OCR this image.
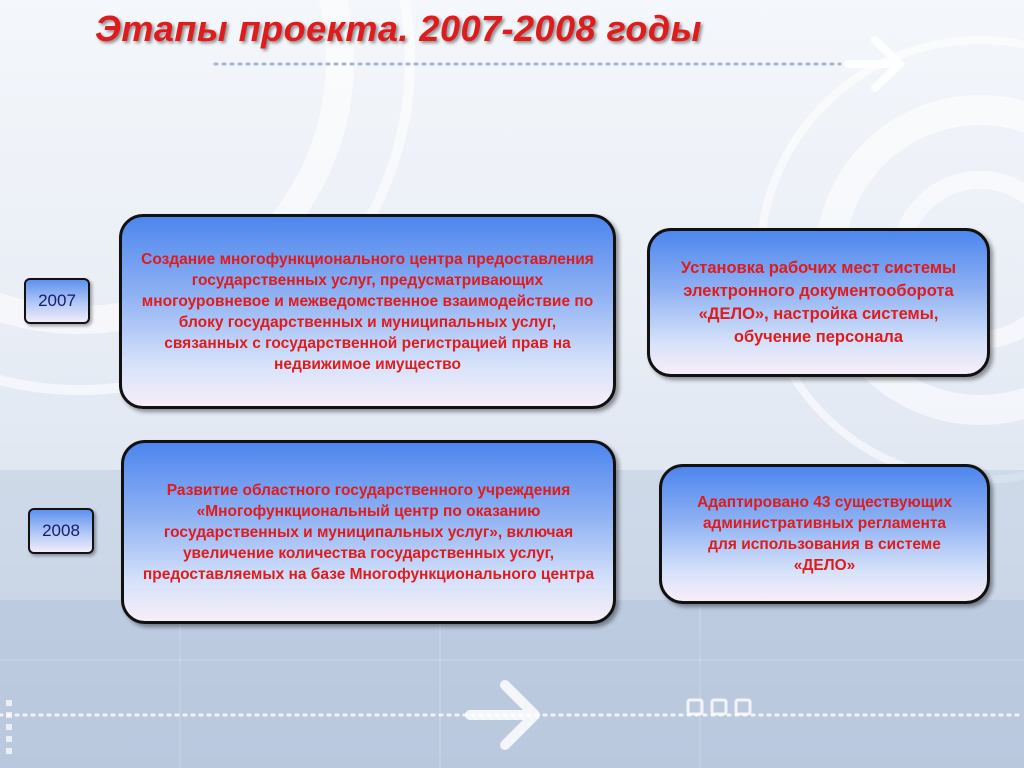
Этапы проекта. 2007-2008 годы
2007
2008
Создание многофункционального центра предоставления государственных услуг, предусматривающих многоуровневое и межведомственное взаимодействие по блоку государственных и муниципальных услуг, связанных с государственной регистрацией прав на недвижимое имущество
Установка рабочих мест системы электронного документооборота «ДЕЛО», настройка системы, обучение персонала
Развитие областного государственного учреждения «Многофункциональный центр по оказанию государственных и муниципальных услуг», включая увеличение количества государственных услуг, предоставляемых на базе Многофункционального центра
Адаптировано 43 существующих административных регламента для использования в системе «ДЕЛО»
